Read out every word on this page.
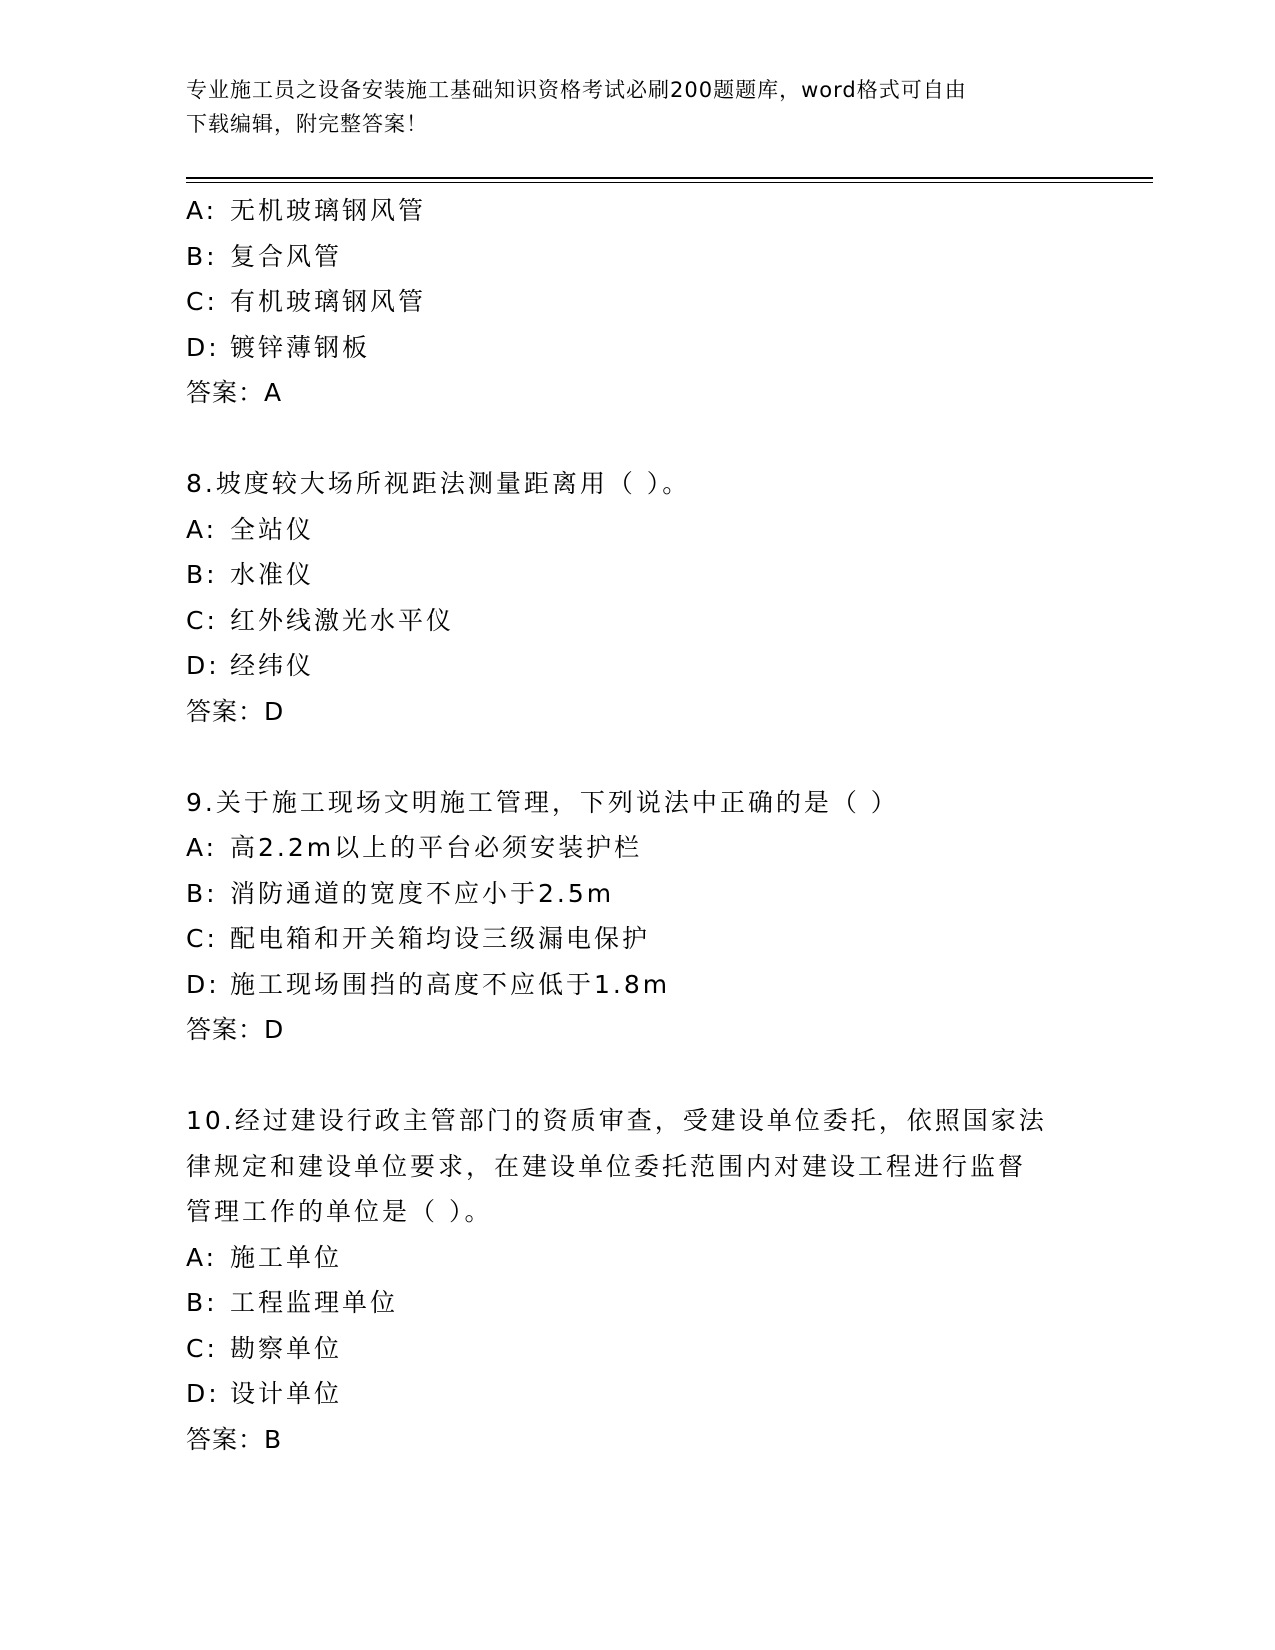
专业施工员之设备安装施工基础知识资格考试必刷200题题库，word格式可自由
下载编辑，附完整答案！
A: 无机玻璃钢风管
B: 复合风管
C: 有机玻璃钢风管
D: 镀锌薄钢板
答案：A
8.坡度较大场所视距法测量距离用（ ）。
A: 全站仪
B: 水准仪
C: 红外线激光水平仪
D: 经纬仪
答案：D
9.关于施工现场文明施工管理，下列说法中正确的是（ ）
A: 高2.2m以上的平台必须安装护栏
B: 消防通道的宽度不应小于2.5m
C: 配电箱和开关箱均设三级漏电保护
D: 施工现场围挡的高度不应低于1.8m
答案：D
10.经过建设行政主管部门的资质审查，受建设单位委托，依照国家法
律规定和建设单位要求，在建设单位委托范围内对建设工程进行监督
管理工作的单位是（ ）。
A: 施工单位
B: 工程监理单位
C: 勘察单位
D: 设计单位
答案：B
